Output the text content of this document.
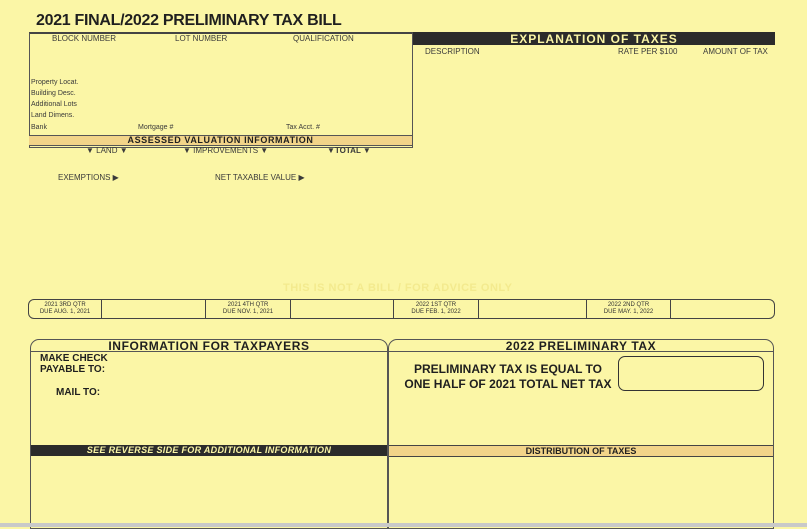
2021 FINAL/2022 PRELIMINARY TAX BILL
BLOCK NUMBER	LOT NUMBER	QUALIFICATION
Property Locat.
Building Desc.
Additional Lots
Land Dimens.
Bank	Mortgage #	Tax Acct. #
ASSESSED VALUATION INFORMATION
▼ LAND ▼	▼ IMPROVEMENTS ▼	▼TOTAL ▼
EXEMPTIONS ▶	NET TAXABLE VALUE ▶
EXPLANATION OF TAXES
DESCRIPTION	RATE PER $100	AMOUNT OF TAX
THIS IS NOT A BILL / FOR ADVICE ONLY
2021 3RD QTR
DUE AUG. 1, 2021
2021 4TH QTR
DUE NOV. 1, 2021
2022 1ST QTR
DUE FEB. 1, 2022
2022 2ND QTR
DUE MAY. 1, 2022
INFORMATION FOR TAXPAYERS
MAKE CHECK
PAYABLE TO:
MAIL TO:
SEE REVERSE SIDE FOR ADDITIONAL INFORMATION
2022 PRELIMINARY TAX
PRELIMINARY TAX IS EQUAL TO
ONE HALF OF 2021 TOTAL NET TAX
DISTRIBUTION OF TAXES
